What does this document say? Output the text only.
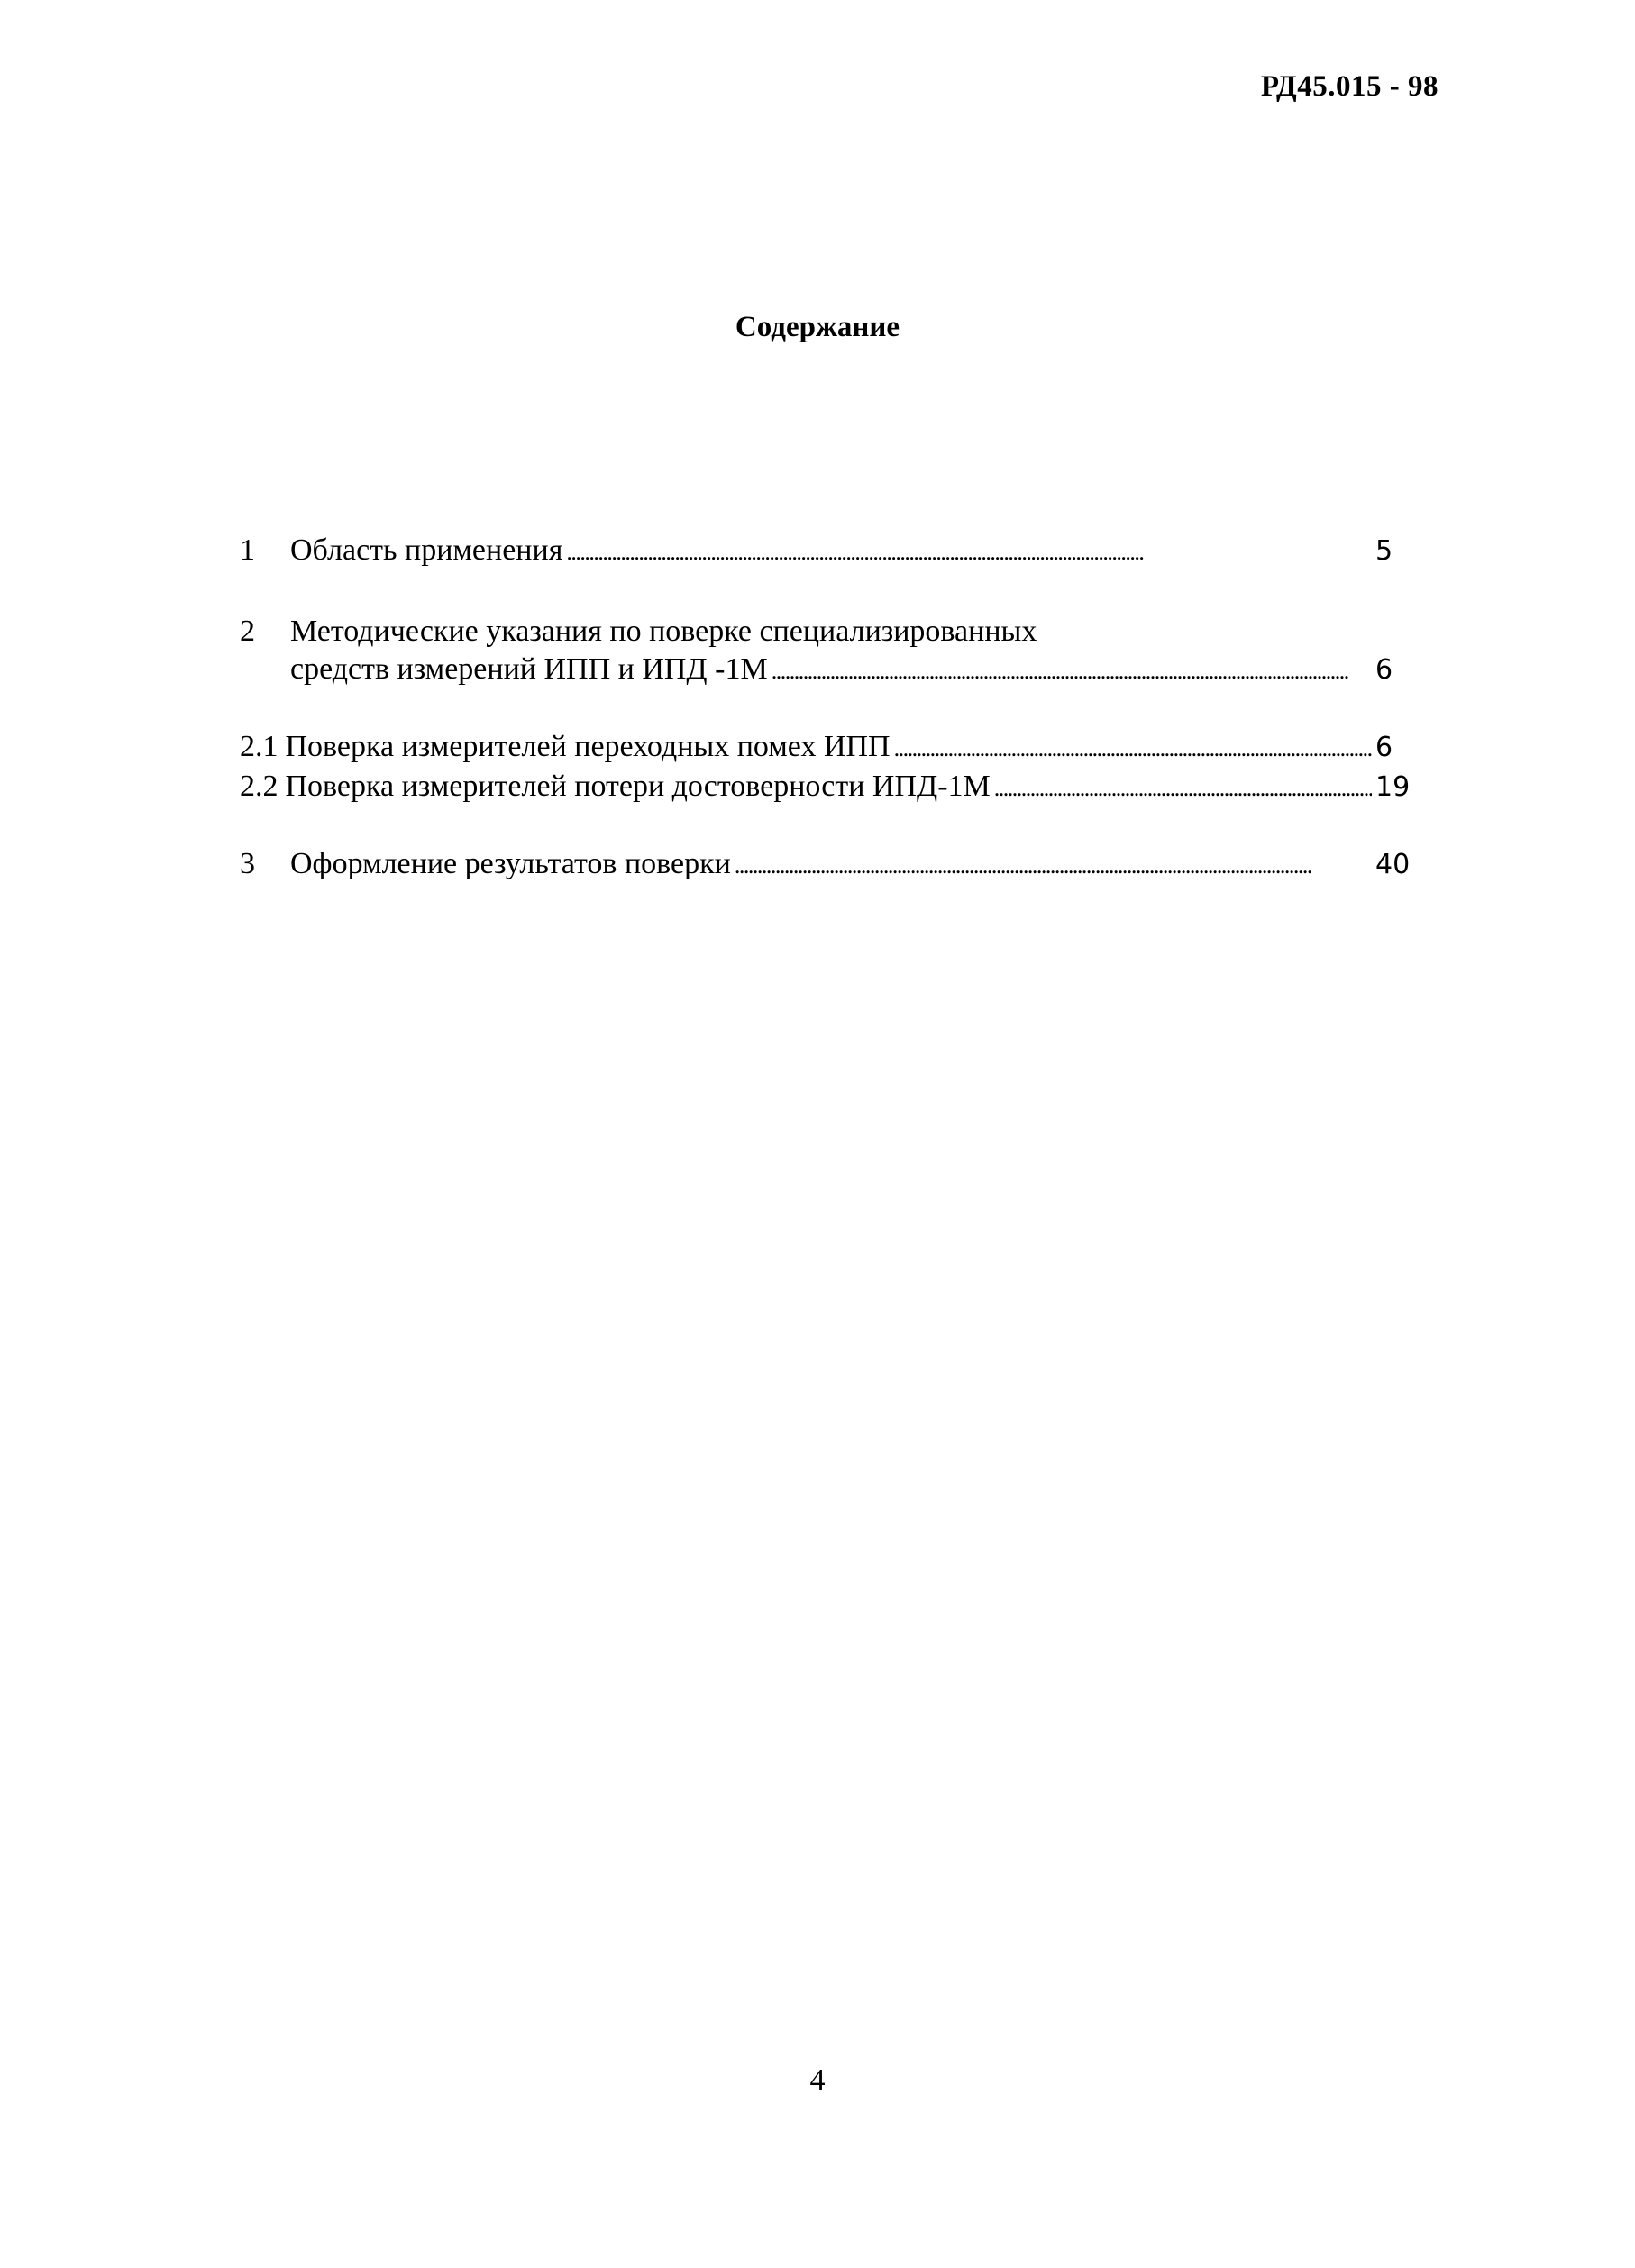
РД45.015 - 98
Содержание
1	Область применения . . .	5
2	Методические указания по поверке специализированных
средств измерений ИПП и ИПД -1М . . .	6
2.1 Поверка измерителей переходных помех ИПП . . .	6
2.2 Поверка измерителей потери достоверности ИПД-1М . . .	19
3	Оформление результатов поверки . . .	40
4
